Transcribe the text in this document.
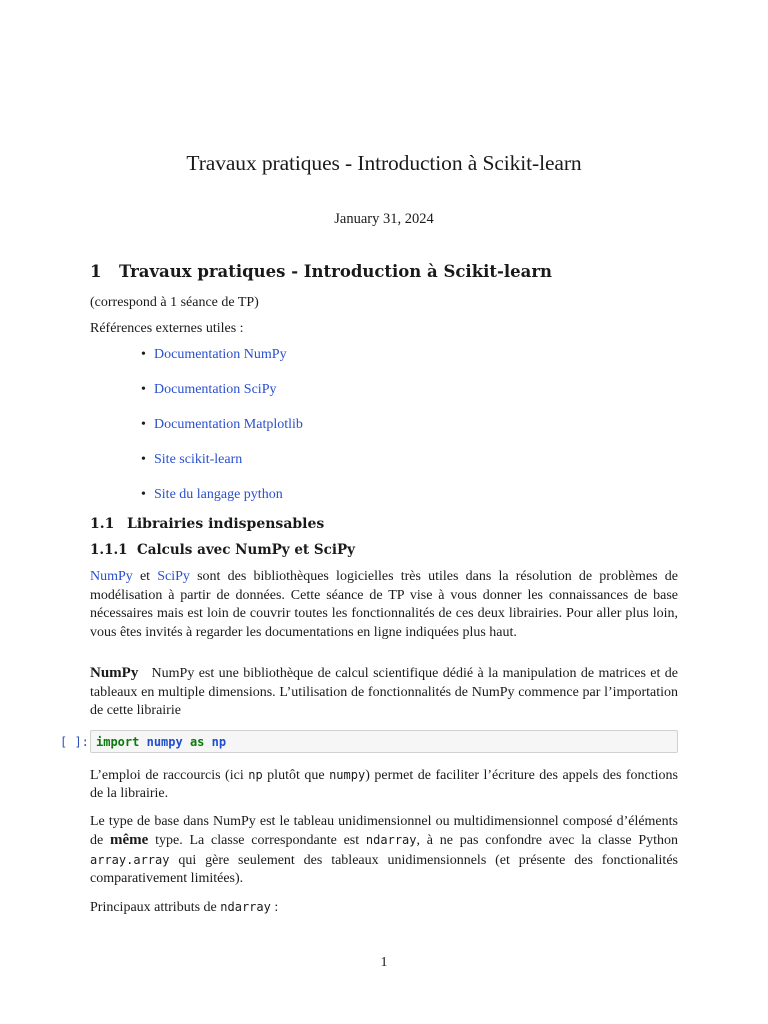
Travaux pratiques - Introduction à Scikit-learn
January 31, 2024
1 Travaux pratiques - Introduction à Scikit-learn

(correspond à 1 séance de TP)

Références externes utiles :

• Documentation NumPy
• Documentation SciPy
• Documentation Matplotlib
• Site scikit-learn
• Site du langage python
1.1 Librairies indispensables
1.1.1 Calculs avec NumPy et SciPy

NumPy et SciPy sont des bibliothèques logicielles très utiles dans la résolution de problèmes de modélisation à partir de données. Cette séance de TP vise à vous donner les connaissances de base nécessaires mais est loin de couvrir toutes les fonctionnalités de ces deux librairies. Pour aller plus loin, vous êtes invités à regarder les documentations en ligne indiquées plus haut.

NumPy NumPy est une bibliothèque de calcul scientifique dédié à la manipulation de matrices et de tableaux en multiple dimensions. L’utilisation de fonctionnalités de NumPy commence par l’importation de cette librairie

[ ]: import numpy as np

L’emploi de raccourcis (ici np plutôt que numpy) permet de faciliter l’écriture des appels des fonctions de la librairie.

Le type de base dans NumPy est le tableau unidimensionnel ou multidimensionnel composé d’éléments de même type. La classe correspondante est ndarray, à ne pas confondre avec la classe Python array.array qui gère seulement des tableaux unidimensionnels (et présente des fonctionalités comparativement limitées).

Principaux attributs de ndarray :

1
